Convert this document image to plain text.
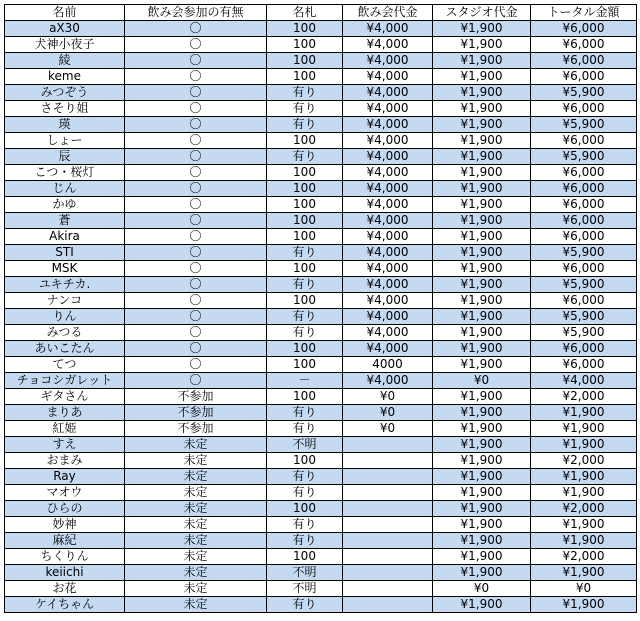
名前	飲み会参加の有無	名札	飲み会代金	スタジオ代金	トータル金額
aX30	〇	100	¥4,000	¥1,900	¥6,000
犬神小夜子	〇	100	¥4,000	¥1,900	¥6,000
綾	〇	100	¥4,000	¥1,900	¥6,000
keme	〇	100	¥4,000	¥1,900	¥6,000
みつぞう	〇	有り	¥4,000	¥1,900	¥5,900
さそり姐	〇	有り	¥4,000	¥1,900	¥6,000
瑛	〇	有り	¥4,000	¥1,900	¥5,900
しょー	〇	100	¥4,000	¥1,900	¥6,000
辰	〇	有り	¥4,000	¥1,900	¥5,900
こつ・桜灯	〇	100	¥4,000	¥1,900	¥6,000
じん	〇	100	¥4,000	¥1,900	¥6,000
かゆ	〇	100	¥4,000	¥1,900	¥6,000
蒼	〇	100	¥4,000	¥1,900	¥6,000
Akira	〇	100	¥4,000	¥1,900	¥6,000
STI	〇	有り	¥4,000	¥1,900	¥5,900
MSK	〇	100	¥4,000	¥1,900	¥6,000
ユキチカ.	〇	有り	¥4,000	¥1,900	¥5,900
ナンコ	〇	100	¥4,000	¥1,900	¥6,000
りん	〇	有り	¥4,000	¥1,900	¥5,900
みつる	〇	有り	¥4,000	¥1,900	¥5,900
あいこたん	〇	100	¥4,000	¥1,900	¥6,000
てつ	〇	100	4000	¥1,900	¥6,000
チョコシガレット	〇	－	¥4,000	¥0	¥4,000
ギタさん	不参加	100	¥0	¥1,900	¥2,000
まりあ	不参加	有り	¥0	¥1,900	¥1,900
紅姫	不参加	有り	¥0	¥1,900	¥1,900
すえ	未定	不明		¥1,900	¥1,900
おまみ	未定	100		¥1,900	¥2,000
Ray	未定	有り		¥1,900	¥1,900
マオウ	未定	有り		¥1,900	¥1,900
ひらの	未定	100		¥1,900	¥2,000
妙神	未定	有り		¥1,900	¥1,900
麻紀	未定	有り		¥1,900	¥1,900
ちくりん	未定	100		¥1,900	¥2,000
keiichi	未定	不明		¥1,900	¥1,900
お花	未定	不明		¥0	¥0
ケイちゃん	未定	有り		¥1,900	¥1,900
